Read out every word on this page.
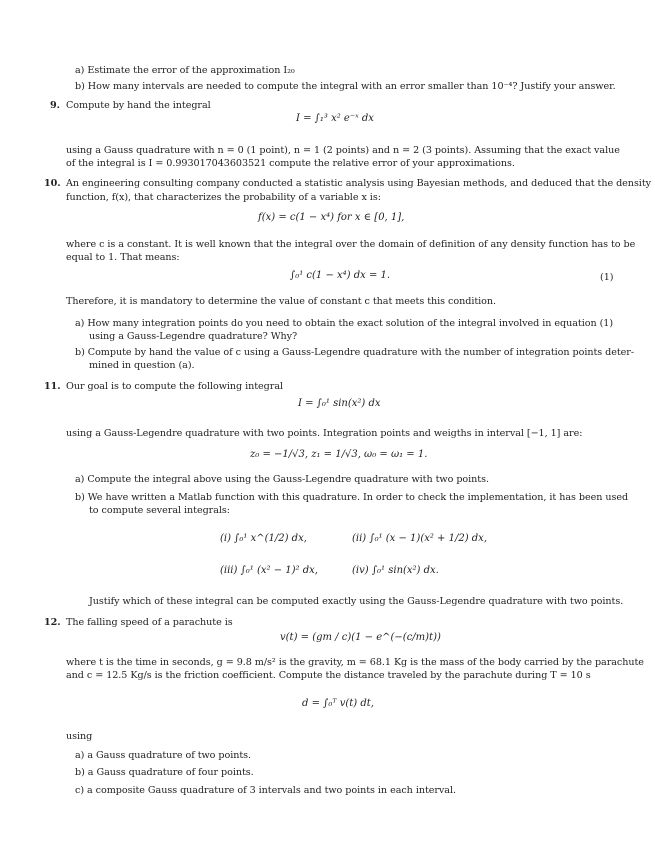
a) Estimate the error of the approximation I₂₀
b) How many intervals are needed to compute the integral with an error smaller than 10⁻⁴? Justify your answer.
9. Compute by hand the integral
I = ∫₁³ x² e⁻ˣ dx
using a Gauss quadrature with n = 0 (1 point), n = 1 (2 points) and n = 2 (3 points). Assuming that the exact value
of the integral is I = 0.993017043603521 compute the relative error of your approximations.
10. An engineering consulting company conducted a statistic analysis using Bayesian methods, and deduced that the density
function, f(x), that characterizes the probability of a variable x is:
f(x) = c(1 − x⁴) for x ∈ [0, 1],
where c is a constant. It is well known that the integral over the domain of definition of any density function has to be
equal to 1. That means:
∫₀¹ c(1 − x⁴) dx = 1.	(1)
Therefore, it is mandatory to determine the value of constant c that meets this condition.
a) How many integration points do you need to obtain the exact solution of the integral involved in equation (1)
using a Gauss-Legendre quadrature? Why?
b) Compute by hand the value of c using a Gauss-Legendre quadrature with the number of integration points deter-
mined in question (a).
11. Our goal is to compute the following integral
I = ∫₀¹ sin(x²) dx
using a Gauss-Legendre quadrature with two points. Integration points and weigths in interval [−1, 1] are:
z₀ = −1/√3, z₁ = 1/√3, ω₀ = ω₁ = 1.
a) Compute the integral above using the Gauss-Legendre quadrature with two points.
b) We have written a Matlab function with this quadrature. In order to check the implementation, it has been used
to compute several integrals:
(i) ∫₀¹ x^(1/2) dx,	(ii) ∫₀¹ (x − 1)(x² + 1/2) dx,
(iii) ∫₀¹ (x² − 1)² dx,	(iv) ∫₀¹ sin(x²) dx.
Justify which of these integral can be computed exactly using the Gauss-Legendre quadrature with two points.
12. The falling speed of a parachute is
v(t) = (gm / c)(1 − e^(−(c/m)t))
where t is the time in seconds, g = 9.8 m/s² is the gravity, m = 68.1 Kg is the mass of the body carried by the parachute
and c = 12.5 Kg/s is the friction coefficient. Compute the distance traveled by the parachute during T = 10 s
d = ∫₀ᵀ v(t) dt,
using
a) a Gauss quadrature of two points.
b) a Gauss quadrature of four points.
c) a composite Gauss quadrature of 3 intervals and two points in each interval.
